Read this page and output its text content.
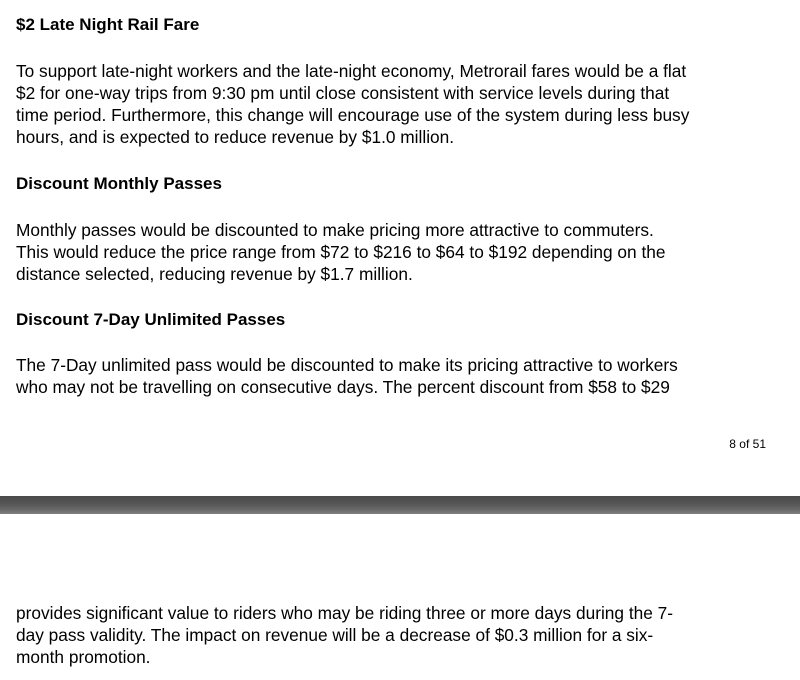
$2 Late Night Rail Fare

To support late-night workers and the late-night economy, Metrorail fares would be a flat
$2 for one-way trips from 9:30 pm until close consistent with service levels during that
time period. Furthermore, this change will encourage use of the system during less busy
hours, and is expected to reduce revenue by $1.0 million.

Discount Monthly Passes

Monthly passes would be discounted to make pricing more attractive to commuters.
This would reduce the price range from $72 to $216 to $64 to $192 depending on the
distance selected, reducing revenue by $1.7 million.

Discount 7-Day Unlimited Passes

The 7-Day unlimited pass would be discounted to make its pricing attractive to workers
who may not be travelling on consecutive days. The percent discount from $58 to $29

8 of 51

provides significant value to riders who may be riding three or more days during the 7-
day pass validity. The impact on revenue will be a decrease of $0.3 million for a six-
month promotion.
